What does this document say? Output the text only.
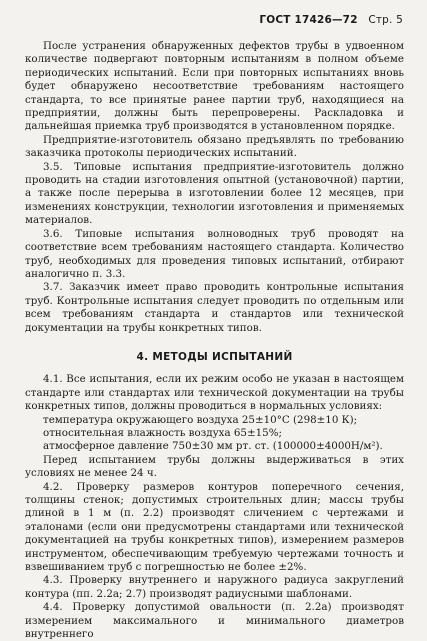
ГОСТ 17426—72 Стр. 5

После устранения обнаруженных дефектов трубы в удвоенном количестве подвергают повторным испытаниям в полном объеме периодических испытаний. Если при повторных испытаниях вновь будет обнаружено несоответствие требованиям настоящего стандарта, то все принятые ранее партии труб, находящиеся на предприятии, должны быть перепроверены. Раскладовка и дальнейшая приемка труб производятся в установленном порядке.

Предприятие-изготовитель обязано предъявлять по требованию заказчика протоколы периодических испытаний.

3.5. Типовые испытания предприятие-изготовитель должно проводить на стадии изготовления опытной (установочной) партии, а также после перерыва в изготовлении более 12 месяцев, при изменениях конструкции, технологии изготовления и применяемых материалов.

3.6. Типовые испытания волноводных труб проводят на соответствие всем требованиям настоящего стандарта. Количество труб, необходимых для проведения типовых испытаний, отбирают аналогично п. 3.3.

3.7. Заказчик имеет право проводить контрольные испытания труб. Контрольные испытания следует проводить по отдельным или всем требованиям стандарта и стандартов или технической документации на трубы конкретных типов.

4. МЕТОДЫ ИСПЫТАНИЙ

4.1. Все испытания, если их режим особо не указан в настоящем стандарте или стандартах или технической документации на трубы конкретных типов, должны проводиться в нормальных условиях:

температура окружающего воздуха 25±10°С (298±10 К);
относительная влажность воздуха 65±15%;
атмосферное давление 750±30 мм рт. ст. (100000±4000Н/м²).

Перед испытанием трубы должны выдерживаться в этих условиях не менее 24 ч.

4.2. Проверку размеров контуров поперечного сечения, толщины стенок; допустимых строительных длин; массы трубы длиной в 1 м (п. 2.2) производят сличением с чертежами и эталонами (если они предусмотрены стандартами или технической документацией на трубы конкретных типов), измерением размеров инструментом, обеспечивающим требуемую чертежами точность и взвешиванием труб с погрешностью не более ±2%.

4.3. Проверку внутреннего и наружного радиуса закруглений контура (пп. 2.2а; 2.7) производят радиусными шаблонами.

4.4. Проверку допустимой овальности (п. 2.2а) производят измерением максимального и минимального диаметров внутреннего
